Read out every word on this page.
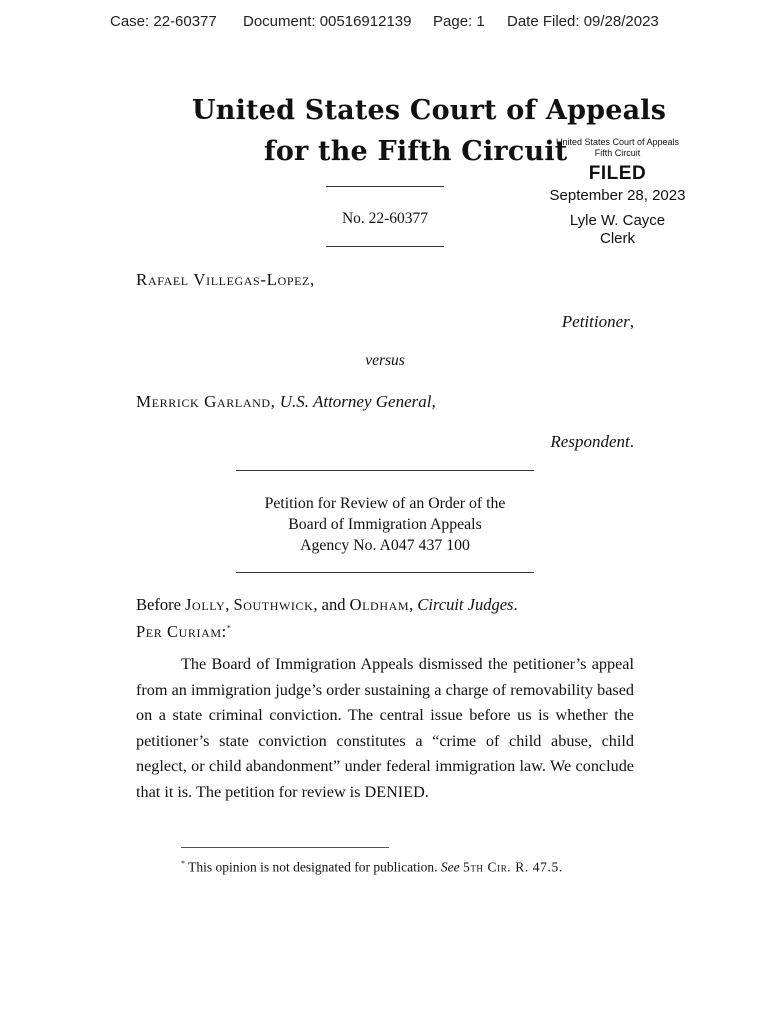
Case: 22-60377 Document: 00516912139 Page: 1 Date Filed: 09/28/2023
United States Court of Appeals
for the Fifth Circuit
No. 22-60377
United States Court of Appeals
Fifth Circuit
FILED
September 28, 2023
Lyle W. Cayce
Clerk
Rafael Villegas-Lopez,
Petitioner,
versus
Merrick Garland, U.S. Attorney General,
Respondent.
Petition for Review of an Order of the
Board of Immigration Appeals
Agency No. A047 437 100
Before Jolly, Southwick, and Oldham, Circuit Judges.
Per Curiam:*

The Board of Immigration Appeals dismissed the petitioner’s appeal from an immigration judge’s order sustaining a charge of removability based on a state criminal conviction. The central issue before us is whether the petitioner’s state conviction constitutes a “crime of child abuse, child neglect, or child abandonment” under federal immigration law. We conclude that it is. The petition for review is DENIED.

* This opinion is not designated for publication. See 5th Cir. R. 47.5.
